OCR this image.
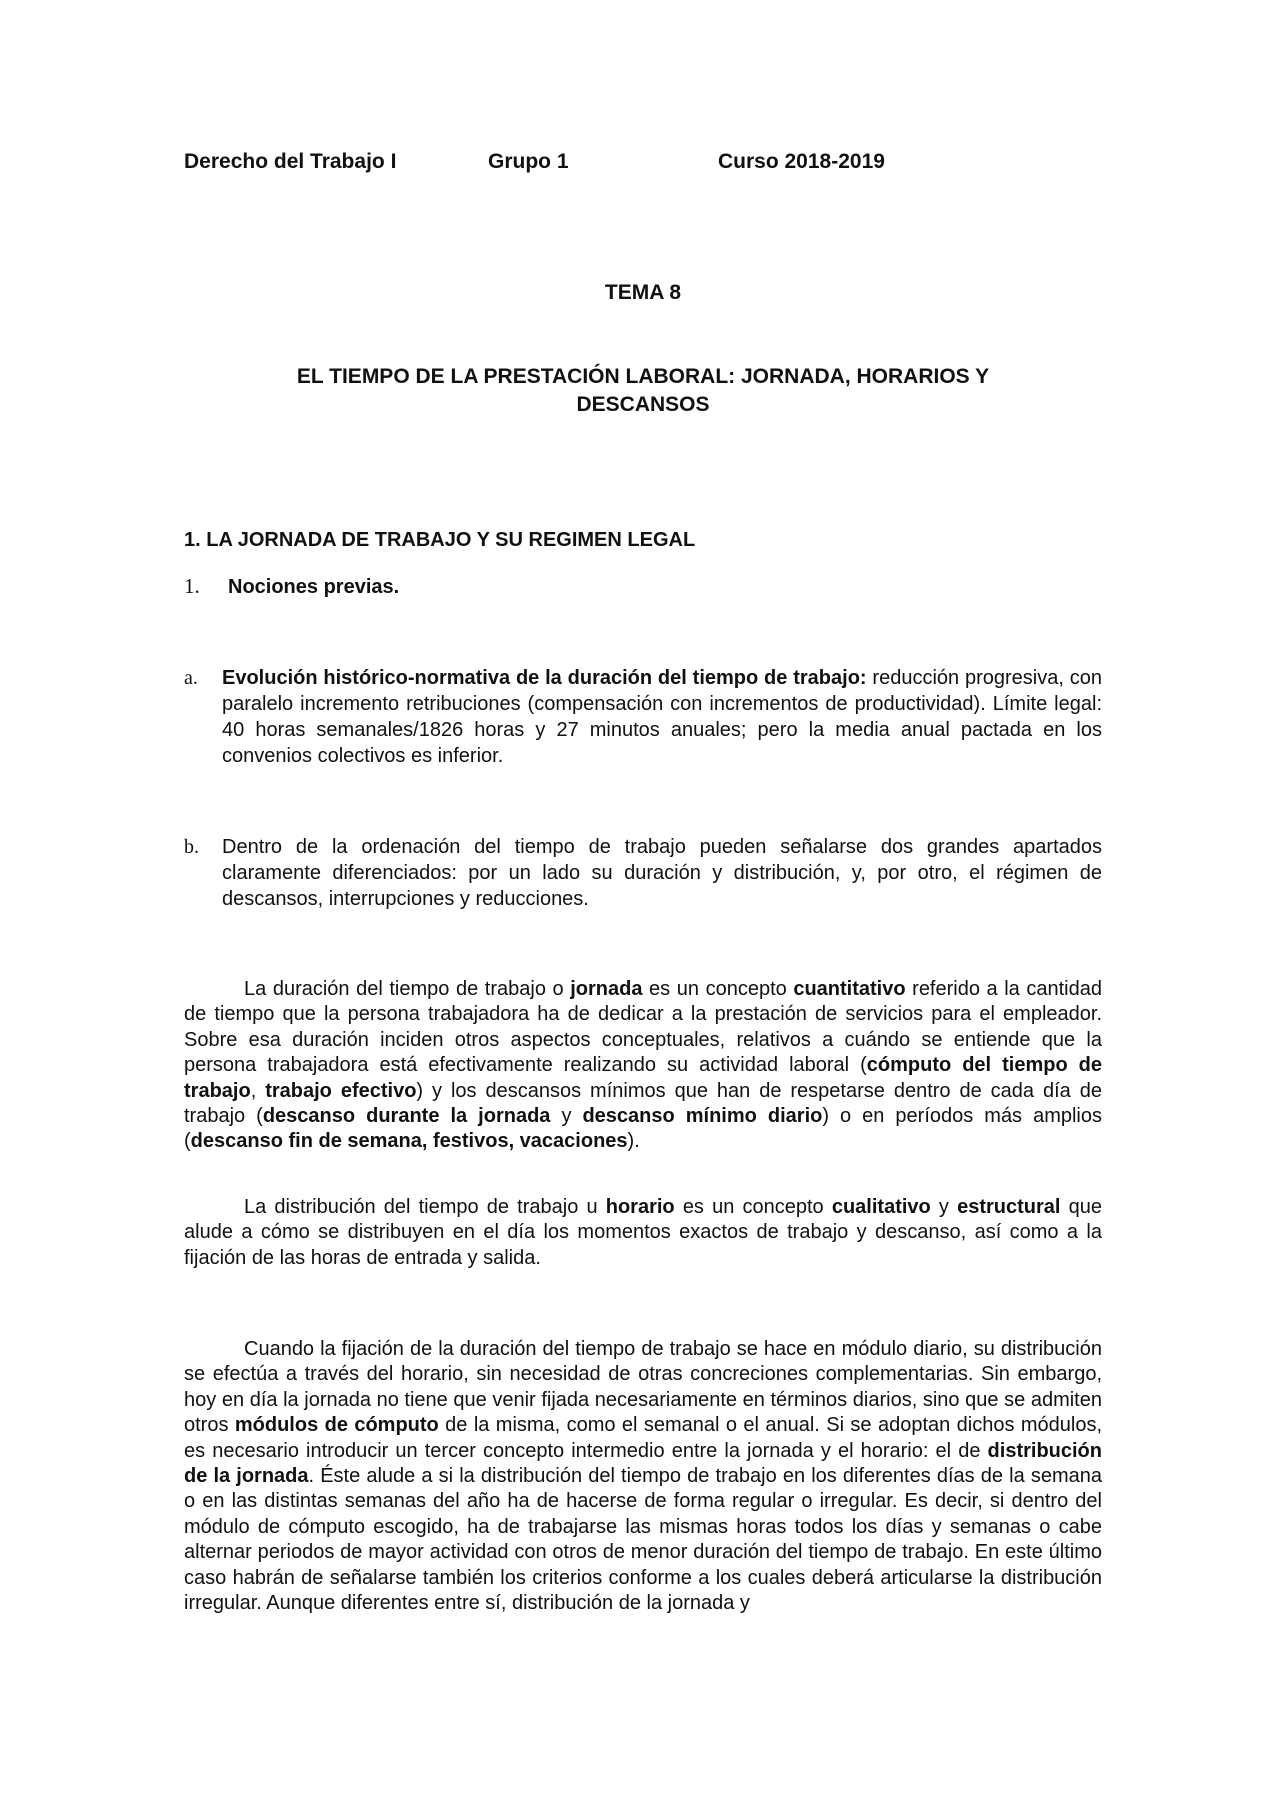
Derecho del Trabajo I	Grupo 1	Curso 2018-2019
TEMA 8
EL TIEMPO DE LA PRESTACIÓN LABORAL: JORNADA, HORARIOS Y
DESCANSOS
1. LA JORNADA DE TRABAJO Y SU REGIMEN LEGAL
1. Nociones previas.
a. Evolución histórico-normativa de la duración del tiempo de trabajo: reducción progresiva, con paralelo incremento retribuciones (compensación con incrementos de productividad). Límite legal: 40 horas semanales/1826 horas y 27 minutos anuales; pero la media anual pactada en los convenios colectivos es inferior.
b. Dentro de la ordenación del tiempo de trabajo pueden señalarse dos grandes apartados claramente diferenciados: por un lado su duración y distribución, y, por otro, el régimen de descansos, interrupciones y reducciones.

La duración del tiempo de trabajo o jornada es un concepto cuantitativo referido a la cantidad de tiempo que la persona trabajadora ha de dedicar a la prestación de servicios para el empleador. Sobre esa duración inciden otros aspectos conceptuales, relativos a cuándo se entiende que la persona trabajadora está efectivamente realizando su actividad laboral (cómputo del tiempo de trabajo, trabajo efectivo) y los descansos mínimos que han de respetarse dentro de cada día de trabajo (descanso durante la jornada y descanso mínimo diario) o en períodos más amplios (descanso fin de semana, festivos, vacaciones).

La distribución del tiempo de trabajo u horario es un concepto cualitativo y estructural que alude a cómo se distribuyen en el día los momentos exactos de trabajo y descanso, así como a la fijación de las horas de entrada y salida.

Cuando la fijación de la duración del tiempo de trabajo se hace en módulo diario, su distribución se efectúa a través del horario, sin necesidad de otras concreciones complementarias. Sin embargo, hoy en día la jornada no tiene que venir fijada necesariamente en términos diarios, sino que se admiten otros módulos de cómputo de la misma, como el semanal o el anual. Si se adoptan dichos módulos, es necesario introducir un tercer concepto intermedio entre la jornada y el horario: el de distribución de la jornada. Éste alude a si la distribución del tiempo de trabajo en los diferentes días de la semana o en las distintas semanas del año ha de hacerse de forma regular o irregular. Es decir, si dentro del módulo de cómputo escogido, ha de trabajarse las mismas horas todos los días y semanas o cabe alternar periodos de mayor actividad con otros de menor duración del tiempo de trabajo. En este último caso habrán de señalarse también los criterios conforme a los cuales deberá articularse la distribución irregular. Aunque diferentes entre sí, distribución de la jornada y
